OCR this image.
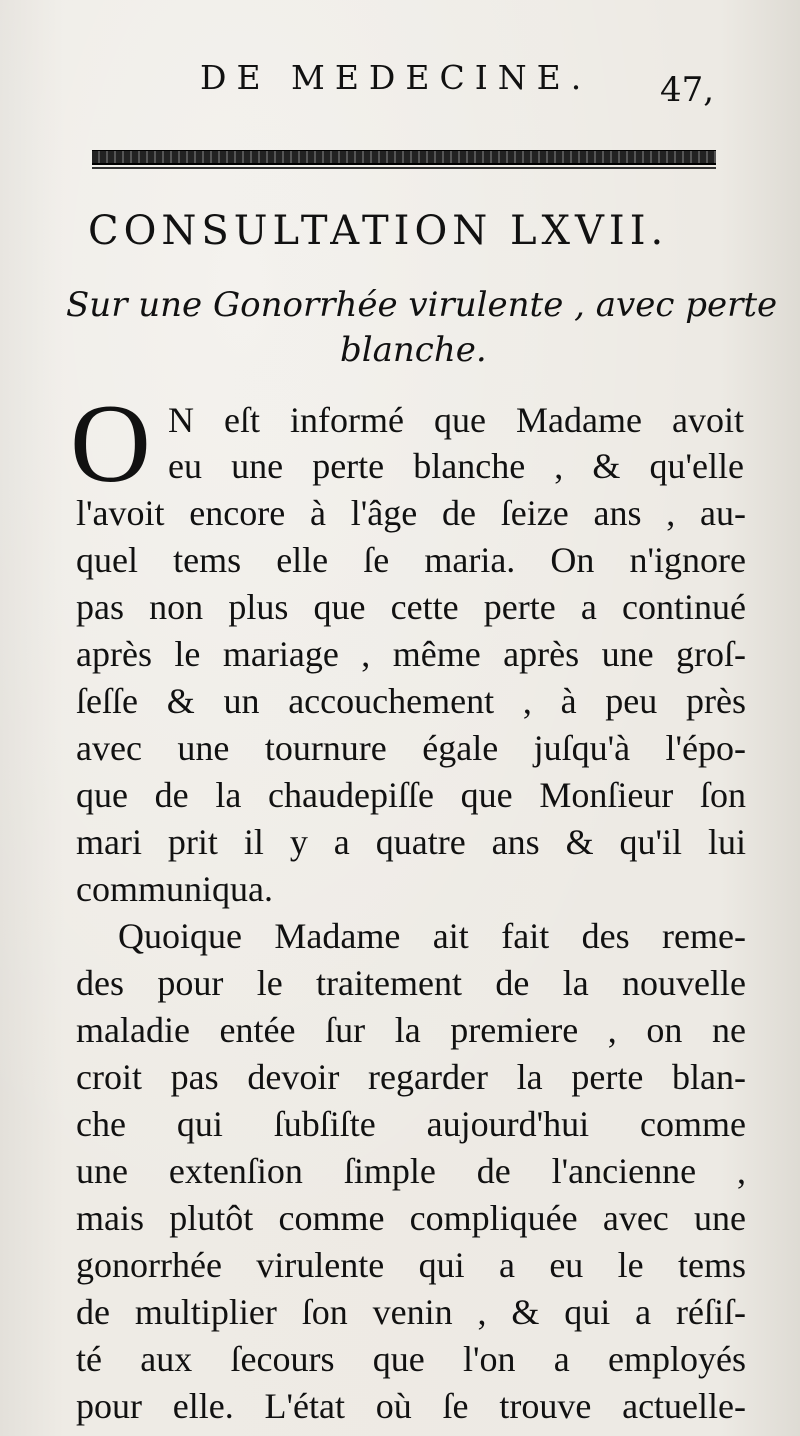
DE MEDECINE. 47,
CONSULTATION LXVII.
Sur une Gonorrhée virulente , avec perte
blanche.
O N eſt informé que Madame avoit
eu une perte blanche , & qu'elle
l'avoit encore à l'âge de ſeize ans , au-
quel tems elle ſe maria. On n'ignore
pas non plus que cette perte a continué
après le mariage , même après une groſ-
ſeſſe & un accouchement , à peu près
avec une tournure égale juſqu'à l'épo-
que de la chaudepiſſe que Monſieur ſon
mari prit il y a quatre ans & qu'il lui
communiqua.
Quoique Madame ait fait des reme-
des pour le traitement de la nouvelle
maladie entée ſur la premiere , on ne
croit pas devoir regarder la perte blan-
che qui ſubſiſte aujourd'hui comme
une extenſion ſimple de l'ancienne ,
mais plutôt comme compliquée avec une
gonorrhée virulente qui a eu le tems
de multiplier ſon venin , & qui a réſiſ-
té aux ſecours que l'on a employés
pour elle. L'état où ſe trouve actuelle-
